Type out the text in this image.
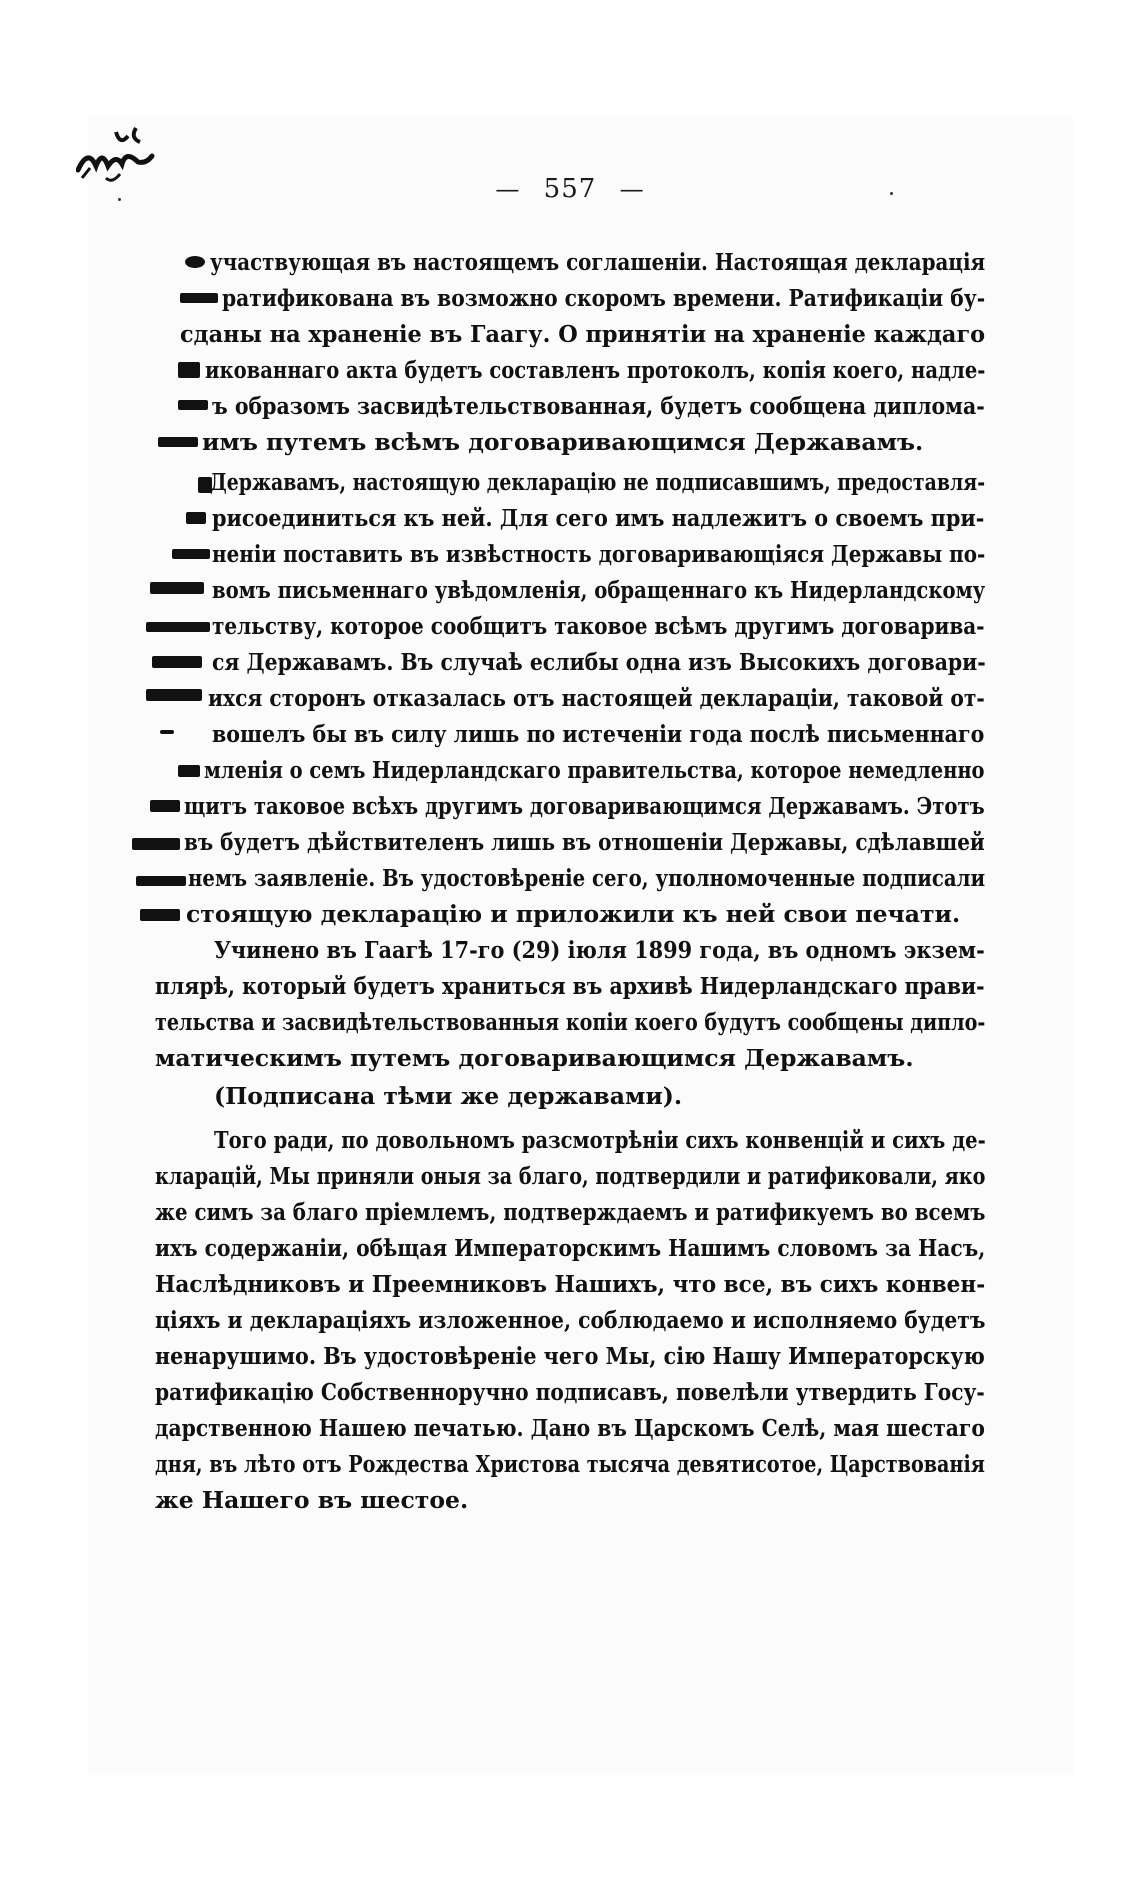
— 557 —
участвующая въ настоящемъ соглашеніи. Настоящая декларація
ратификована въ возможно скоромъ времени. Ратификаціи бу-
сданы на храненіе въ Гаагу. О принятіи на храненіе каждаго
икованнаго акта будетъ составленъ протоколъ, копія коего, надле-
ъ образомъ засвидѣтельствованная, будетъ сообщена диплома-
имъ путемъ всѣмъ договаривающимся Державамъ.
Державамъ, настоящую декларацію не подписавшимъ, предоставля-
рисоединиться къ ней. Для сего имъ надлежитъ о своемъ при-
неніи поставить въ извѣстность договаривающіяся Державы по-
вомъ письменнаго увѣдомленія, обращеннаго къ Нидерландскому
тельству, которое сообщитъ таковое всѣмъ другимъ договарива-
ся Державамъ. Въ случаѣ еслибы одна изъ Высокихъ договари-
ихся сторонъ отказалась отъ настоящей деклараціи, таковой от-
вошелъ бы въ силу лишь по истеченіи года послѣ письменнаго
мленія о семъ Нидерландскаго правительства, которое немедленно
щитъ таковое всѣхъ другимъ договаривающимся Державамъ. Этотъ
въ будетъ дѣйствителенъ лишь въ отношеніи Державы, сдѣлавшей
немъ заявленіе. Въ удостовѣреніе сего, уполномоченные подписали
стоящую декларацію и приложили къ ней свои печати.
Учинено въ Гаагѣ 17-го (29) іюля 1899 года, въ одномъ экзем-
плярѣ, который будетъ храниться въ архивѣ Нидерландскаго прави-
тельства и засвидѣтельствованныя копіи коего будутъ сообщены дипло-
матическимъ путемъ договаривающимся Державамъ.
(Подписана тѣми же державами).
Того ради, по довольномъ разсмотрѣніи сихъ конвенцій и сихъ де-
кларацій, Мы приняли оныя за благо, подтвердили и ратификовали, яко
же симъ за благо пріемлемъ, подтверждаемъ и ратификуемъ во всемъ
ихъ содержаніи, обѣщая Императорскимъ Нашимъ словомъ за Насъ,
Наслѣдниковъ и Преемниковъ Нашихъ, что все, въ сихъ конвен-
ціяхъ и деклараціяхъ изложенное, соблюдаемо и исполняемо будетъ
ненарушимо. Въ удостовѣреніе чего Мы, сію Нашу Императорскую
ратификацію Собственноручно подписавъ, повелѣли утвердить Госу-
дарственною Нашею печатью. Дано въ Царскомъ Селѣ, мая шестаго
дня, въ лѣто отъ Рождества Христова тысяча девятисотое, Царствованія
же Нашего въ шестое.
